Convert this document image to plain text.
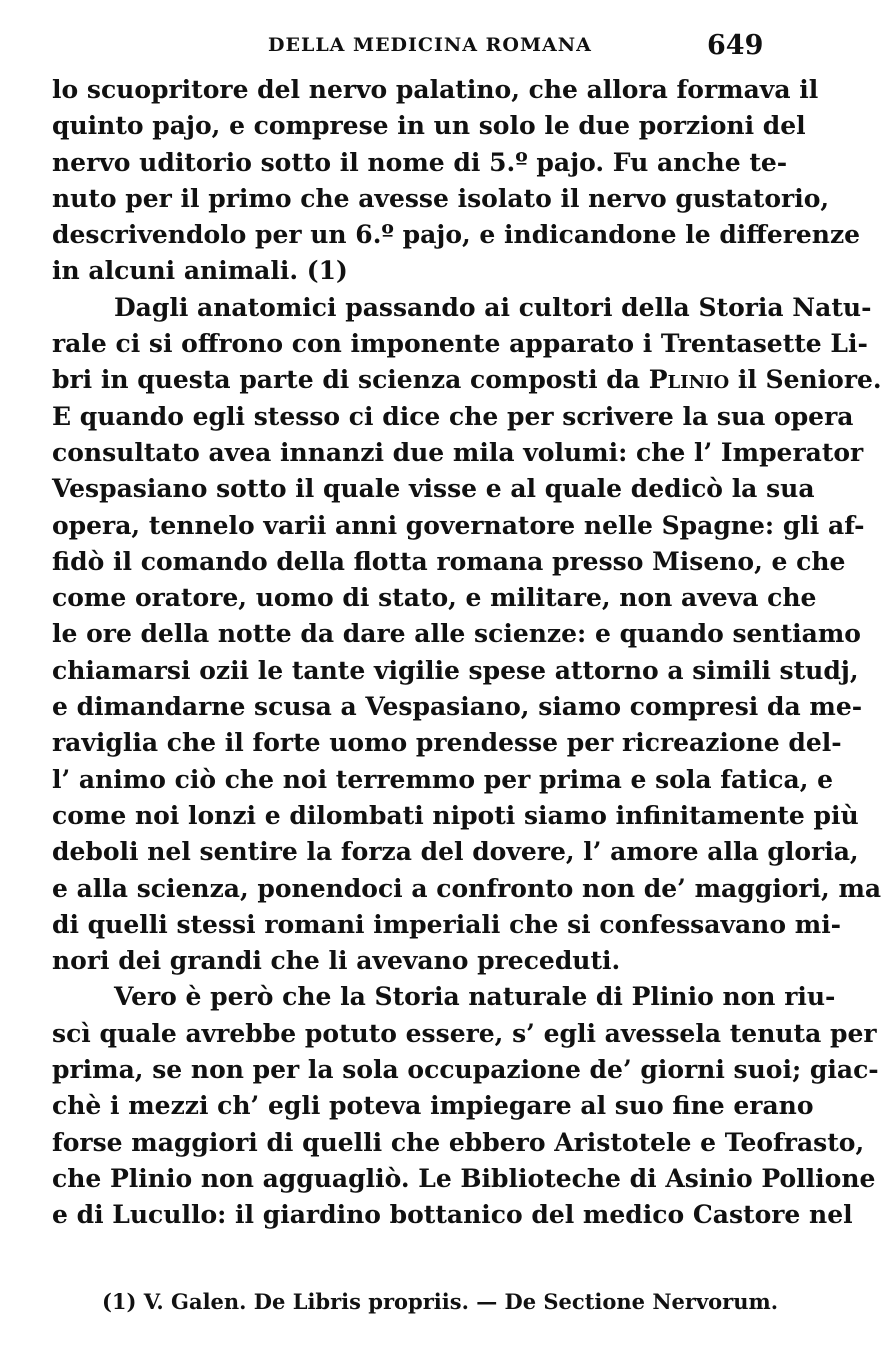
DELLA MEDICINA ROMANA	649
lo scuopritore del nervo palatino, che allora formava il
quinto pajo, e comprese in un solo le due porzioni del
nervo uditorio sotto il nome di 5.º pajo. Fu anche te-
nuto per il primo che avesse isolato il nervo gustatorio,
descrivendolo per un 6.º pajo, e indicandone le differenze
in alcuni animali. (1)
Dagli anatomici passando ai cultori della Storia Natu-
rale ci si offrono con imponente apparato i Trentasette Li-
bri in questa parte di scienza composti da Plinio il Seniore.
E quando egli stesso ci dice che per scrivere la sua opera
consultato avea innanzi due mila volumi: che l’ Imperator
Vespasiano sotto il quale visse e al quale dedicò la sua
opera, tennelo varii anni governatore nelle Spagne: gli af-
fidò il comando della flotta romana presso Miseno, e che
come oratore, uomo di stato, e militare, non aveva che
le ore della notte da dare alle scienze: e quando sentiamo
chiamarsi ozii le tante vigilie spese attorno a simili studj,
e dimandarne scusa a Vespasiano, siamo compresi da me-
raviglia che il forte uomo prendesse per ricreazione del-
l’ animo ciò che noi terremmo per prima e sola fatica, e
come noi lonzi e dilombati nipoti siamo infinitamente più
deboli nel sentire la forza del dovere, l’ amore alla gloria,
e alla scienza, ponendoci a confronto non de’ maggiori, ma
di quelli stessi romani imperiali che si confessavano mi-
nori dei grandi che li avevano preceduti.
Vero è però che la Storia naturale di Plinio non riu-
scì quale avrebbe potuto essere, s’ egli avessela tenuta per
prima, se non per la sola occupazione de’ giorni suoi; giac-
chè i mezzi ch’ egli poteva impiegare al suo fine erano
forse maggiori di quelli che ebbero Aristotele e Teofrasto,
che Plinio non agguagliò. Le Biblioteche di Asinio Pollione
e di Lucullo: il giardino bottanico del medico Castore nel
(1) V. Galen. De Libris propriis. — De Sectione Nervorum.
